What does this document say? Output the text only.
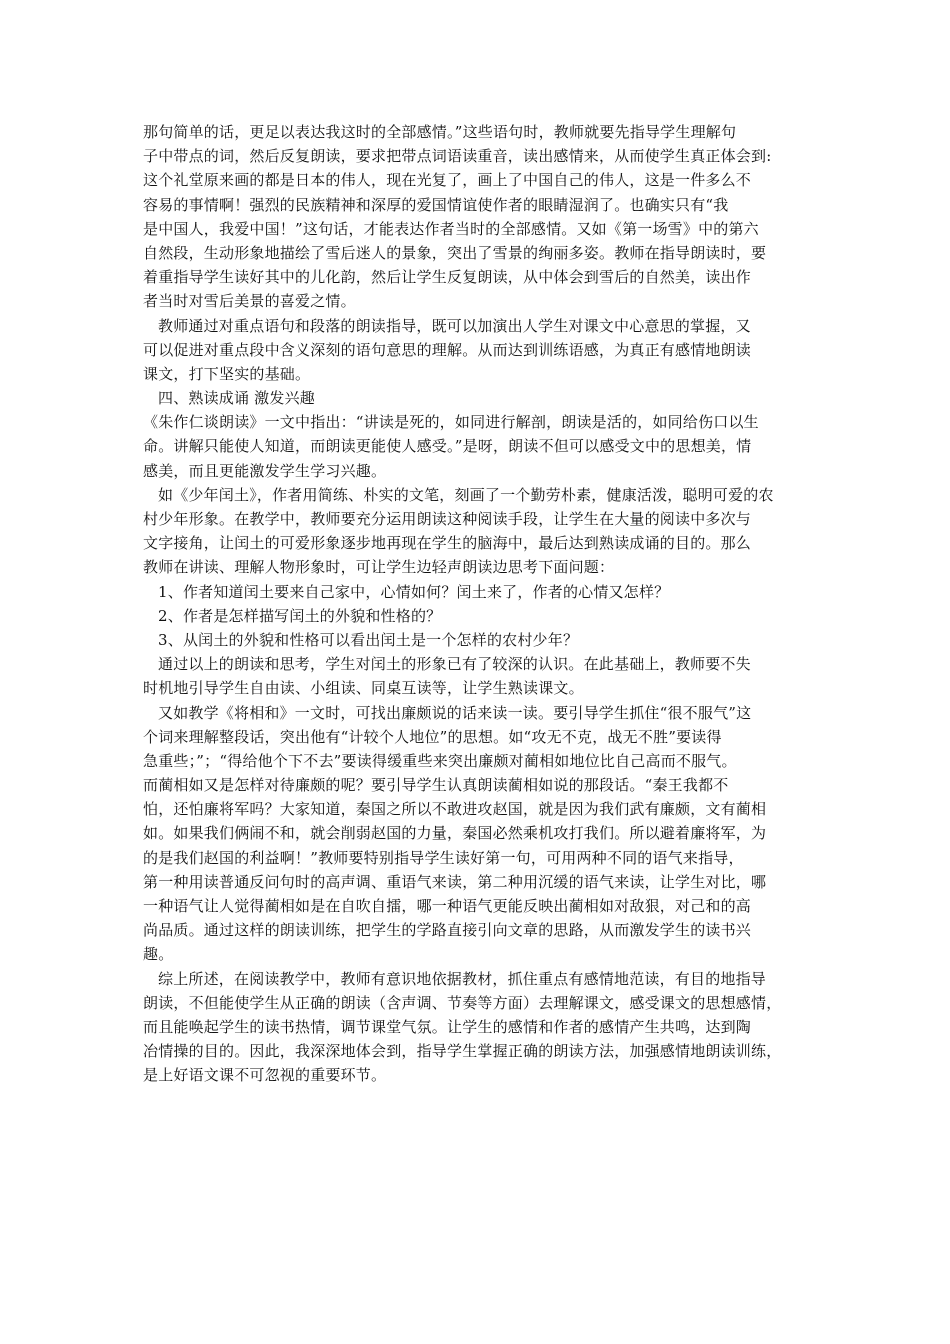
那句简单的话，更足以表达我这时的全部感情。”这些语句时，教师就要先指导学生理解句
子中带点的词，然后反复朗读，要求把带点词语读重音，读出感情来，从而使学生真正体会到:
这个礼堂原来画的都是日本的伟人，现在光复了，画上了中国自己的伟人，这是一件多么不
容易的事情啊！强烈的民族精神和深厚的爱国情谊使作者的眼睛湿润了。也确实只有“我
是中国人，我爱中国！”这句话，才能表达作者当时的全部感情。又如《第一场雪》中的第六
自然段，生动形象地描绘了雪后迷人的景象，突出了雪景的绚丽多姿。教师在指导朗读时，要
着重指导学生读好其中的儿化韵，然后让学生反复朗读，从中体会到雪后的自然美，读出作
者当时对雪后美景的喜爱之情。
教师通过对重点语句和段落的朗读指导，既可以加演出人学生对课文中心意思的掌握，又
可以促进对重点段中含义深刻的语句意思的理解。从而达到训练语感，为真正有感情地朗读
课文，打下坚实的基础。
四、熟读成诵 激发兴趣
《朱作仁谈朗读》一文中指出：“讲读是死的，如同进行解剖，朗读是活的，如同给伤口以生
命。讲解只能使人知道，而朗读更能使人感受。”是呀，朗读不但可以感受文中的思想美，情
感美，而且更能激发学生学习兴趣。
如《少年闰土》，作者用简练、朴实的文笔，刻画了一个勤劳朴素，健康活泼，聪明可爱的农
村少年形象。在教学中，教师要充分运用朗读这种阅读手段，让学生在大量的阅读中多次与
文字接角，让闰土的可爱形象逐步地再现在学生的脑海中，最后达到熟读成诵的目的。那么
教师在讲读、理解人物形象时，可让学生边轻声朗读边思考下面问题：
1、作者知道闰土要来自己家中，心情如何？闰土来了，作者的心情又怎样？
2、作者是怎样描写闰土的外貌和性格的？
3、从闰土的外貌和性格可以看出闰土是一个怎样的农村少年？
通过以上的朗读和思考，学生对闰土的形象已有了较深的认识。在此基础上，教师要不失
时机地引导学生自由读、小组读、同桌互读等，让学生熟读课文。
又如教学《将相和》一文时，可找出廉颇说的话来读一读。要引导学生抓住“很不服气”这
个词来理解整段话，突出他有“计较个人地位”的思想。如“攻无不克，战无不胜”要读得
急重些；”；“得给他个下不去”要读得缓重些来突出廉颇对蔺相如地位比自己高而不服气。
而蔺相如又是怎样对待廉颇的呢？要引导学生认真朗读蔺相如说的那段话。“秦王我都不
怕，还怕廉将军吗？大家知道，秦国之所以不敢进攻赵国，就是因为我们武有廉颇，文有蔺相
如。如果我们俩闹不和，就会削弱赵国的力量，秦国必然乘机攻打我们。所以避着廉将军，为
的是我们赵国的利益啊！”教师要特别指导学生读好第一句，可用两种不同的语气来指导，
第一种用读普通反问句时的高声调、重语气来读，第二种用沉缓的语气来读，让学生对比，哪
一种语气让人觉得蔺相如是在自吹自擂，哪一种语气更能反映出蔺相如对敌狠，对己和的高
尚品质。通过这样的朗读训练，把学生的学路直接引向文章的思路，从而激发学生的读书兴
趣。
综上所述，在阅读教学中，教师有意识地依据教材，抓住重点有感情地范读，有目的地指导
朗读，不但能使学生从正确的朗读（含声调、节奏等方面）去理解课文，感受课文的思想感情，
而且能唤起学生的读书热情，调节课堂气氛。让学生的感情和作者的感情产生共鸣，达到陶
冶情操的目的。因此，我深深地体会到，指导学生掌握正确的朗读方法，加强感情地朗读训练，
是上好语文课不可忽视的重要环节。
